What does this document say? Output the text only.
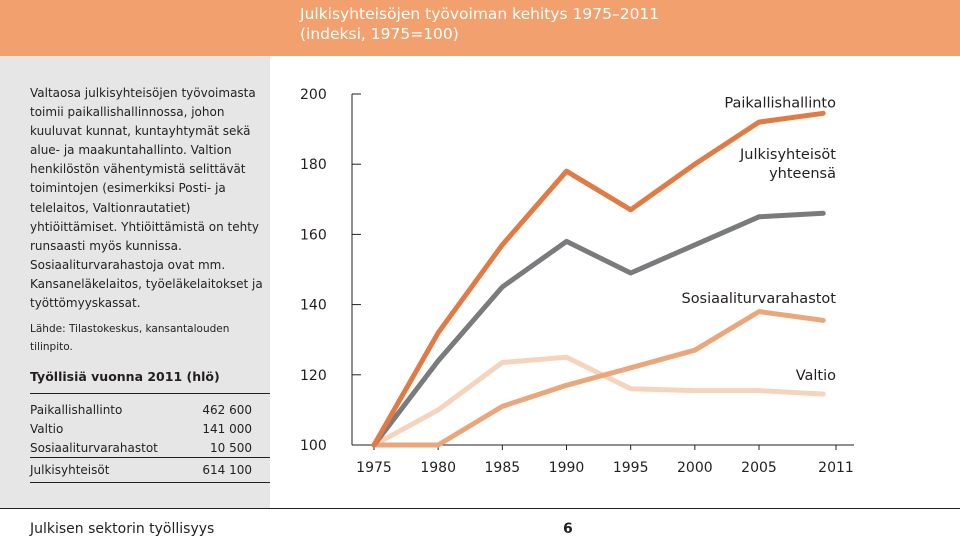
Julkisyhteisöjen työvoiman kehitys 1975–2011
(indeksi, 1975=100)
Valtaosa julkisyhteisöjen työvoimasta toimii paikallishallinnossa, johon kuuluvat kunnat, kuntayhtymät sekä alue- ja maakuntahallinto. Valtion henkilöstön vähentymistä selittävät toimintojen (esimerkiksi Posti- ja telelaitos, Valtionrautatiet) yhtiöittämiset. Yhtiöittämistä on tehty runsaasti myös kunnissa. Sosiaaliturvarahastoja ovat mm. Kansaneläkelaitos, työeläkelaitokset ja työttömyyskassat.
Lähde: Tilastokeskus, kansantalouden tilinpito.
Työllisiä vuonna 2011 (hlö)
Paikallishallinto	462 600
Valtio	141 000
Sosiaaliturvarahastot	10 500
Julkisyhteisöt	614 100
100
120
140
160
180
200
1975 1980 1985 1990 1995 2000 2005	2011
Paikallishallinto
Julkisyhteisöt
yhteensä
Sosiaaliturvarahastot
Valtio
Julkisen sektorin työllisyys	6
